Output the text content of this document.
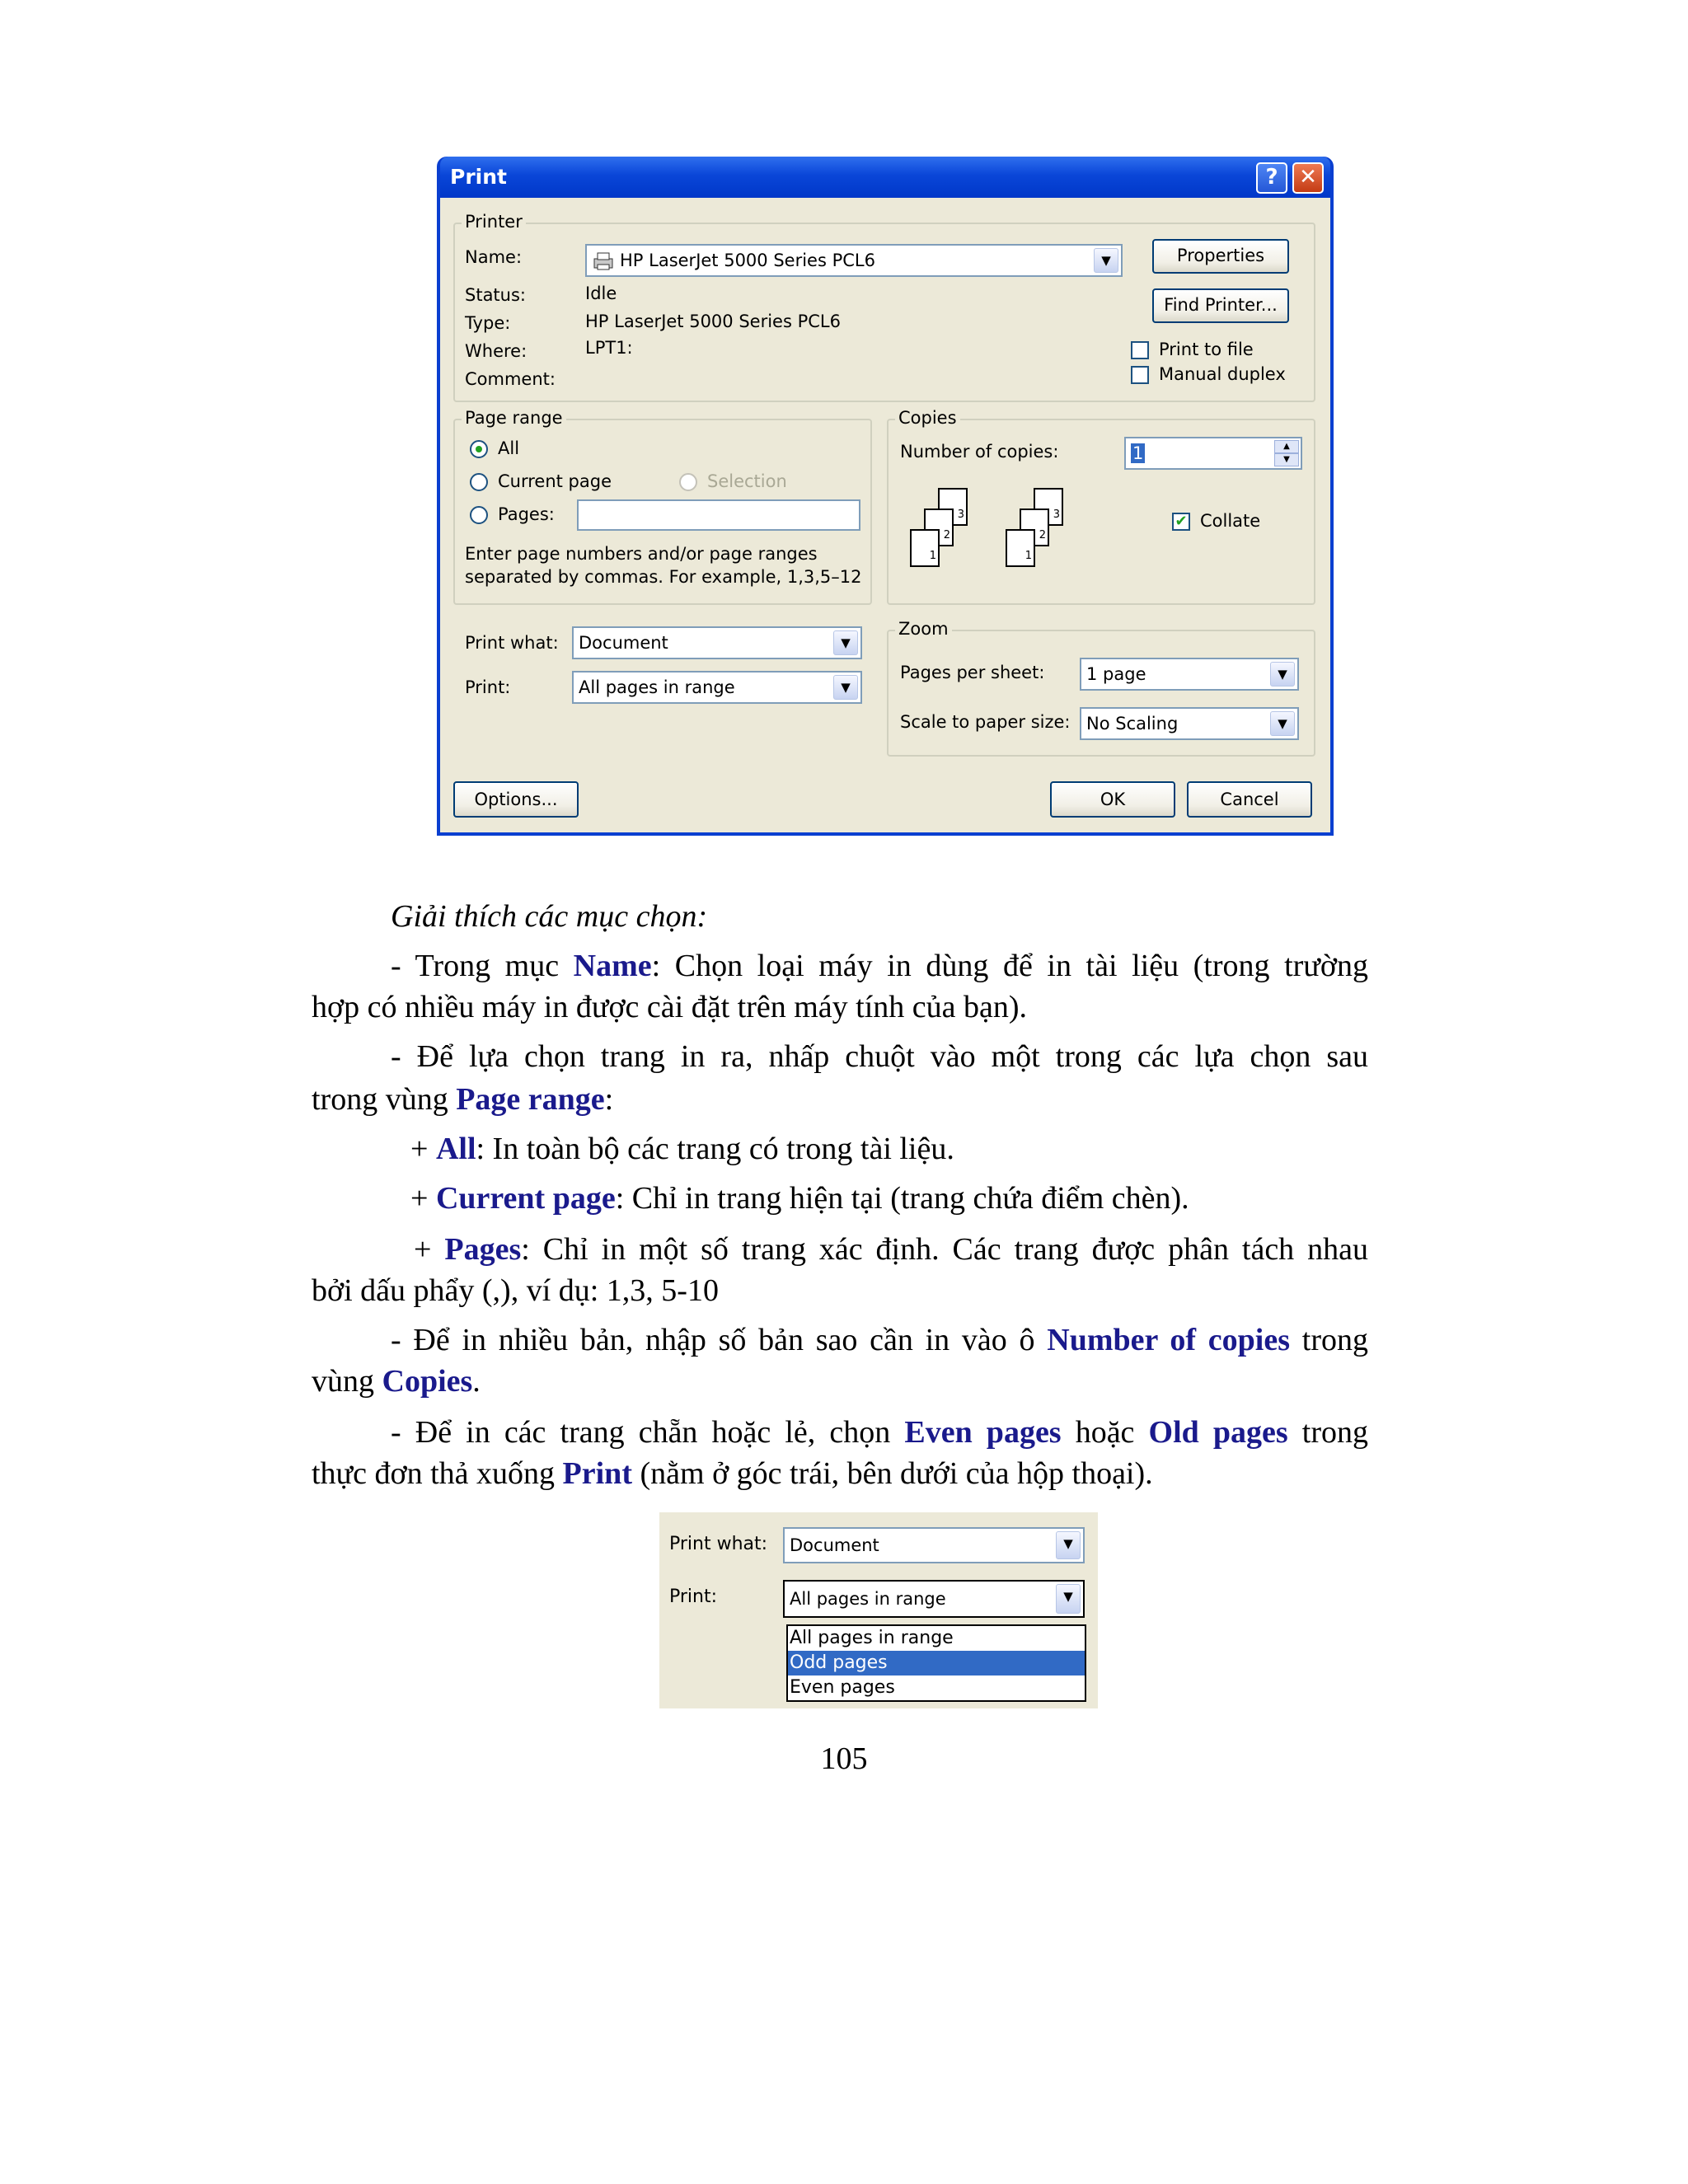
Print	? ✕
Printer
Name:	HP LaserJet 5000 Series PCL6	▼	Properties
Find Printer...
Status:	Idle
Type:	HP LaserJet 5000 Series PCL6
Where:	LPT1:
Comment:
Print to file
Manual duplex
Page range
All
Current page	Selection
Pages:
Enter page numbers and/or page ranges
separated by commas. For example, 1,3,5–12
Copies
Number of copies:	1	▲
▼
3
2
1
3
2
1
✔ Collate
Print what:	Document	▼
Print:	All pages in range	▼
Zoom
Pages per sheet:	1 page	▼
Scale to paper size: No Scaling	▼
Options...	OK	Cancel
Giải thích các mục chọn:
- Trong mục Name: Chọn loại máy in dùng để in tài liệu (trong trường
hợp có nhiều máy in được cài đặt trên máy tính của bạn).
- Để lựa chọn trang in ra, nhấp chuột vào một trong các lựa chọn sau
trong vùng Page range:
+ All: In toàn bộ các trang có trong tài liệu.
+ Current page: Chỉ in trang hiện tại (trang chứa điểm chèn).
+ Pages: Chỉ in một số trang xác định. Các trang được phân tách nhau
bởi dấu phẩy (,), ví dụ: 1,3, 5-10
- Để in nhiều bản, nhập số bản sao cần in vào ô Number of copies trong
vùng Copies.
- Để in các trang chẵn hoặc lẻ, chọn Even pages hoặc Old pages trong
thực đơn thả xuống Print (nằm ở góc trái, bên dưới của hộp thoại).
Print what:	Document	▼
Print:	All pages in range	▼
All pages in range
Odd pages
Even pages
105
